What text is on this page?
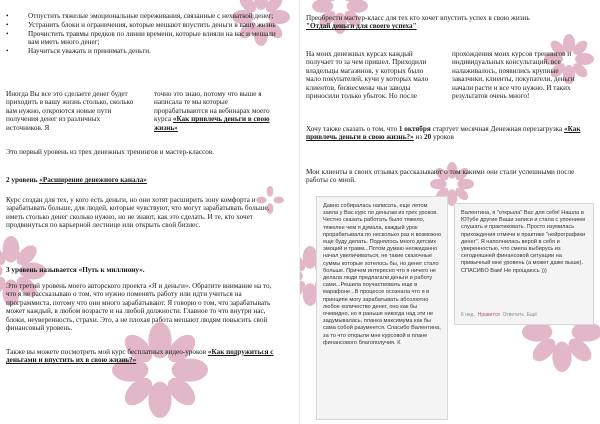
•	Отпустить тяжелые эмоциональные переживания, связанные с нехваткой денег;
•	Устранить блоки и ограничения, которые мешают впустить деньги в вашу жизнь
•	Прочистить травмы предков по линии времени, которые влияли на вас и мешали вам иметь много денег;
•	Научиться уважать и принимать деньги.
Иногда Вы все это сделаете денег будет приходить в вашу жизнь столько, сколько вам нужно, откроются новые пути получения денег из различных источников. Я
точно это знаю, потому что выше я написала те мы которые прорабатываются на вебинарах моего курса «Как привлечь деньги в свою жизнь»
Это первый уровень из трех денежных тренингов и мастер-классов.
2 уровень «Расширение денежного канала»
Курс создан для тех, у кого есть деньги, но они хотят расширить зону комфорта и зарабатывать больше, для людей, которые чувствуют, что могут зарабатывать больше, иметь столько денег сколько нужно, но не знают, как это сделать. И те, кто хочет продвинуться по карьерной лестнице или открыть свой бизнес.
3 уровень называется «Путь к миллиону».
Это третий уровень моего авторского проекта «Я и деньги». Обратите внимание на то, что я не рассказываю о том, что нужно поменять работу или идти учиться на программиста, потому что они много зарабатывают. Я говорю о том, что зарабатывать может каждый, в любом возрасте и на любой должности. Главное то что внутри нас, блоки, неуверенность, страхи. Это, а не плохая работа мешают людям повысить свой финансовый уровень.
Также вы можете посмотреть мой курс бесплатных видео-уроков «Как подружиться с деньгами и впустить их в свою жизнь?»
Преобрести мастер-класс для тех кто хочет впустить успех в свою жизнь
"Отдай деньги для своего успеха"
На моих денежных курсах каждый получает то за чем пришел. Приходили владельцы магазинов, у которых было мало покупателей, кучи у которых мало клиентов, бизнесмены чьи заводы приносили только убыток. Но после
прохождения моих курсов тренингов и индивидуальных консультаций, все налаживалось, появились крупные заказчики, клиенты, покупатели, деньги начали расти и все что нужно. И таких результатов очень много!
Хочу также сказать о том, что 1 октября стартует месячная Денежная перезагрузка «Как привлечь деньги в свою жизнь?» из 20 уроков
Мои клиенты в своих отзывах рассказывают о том какими они стали успешными после работы со мной.

Давно собиралась написать, еще летом заяла у Вас курс по деньгам из трех уроков. Честно сказать работать было тяжело, тяжелее чем я думала, каждый урок прорабатывала по несколько раз и возможно еще буду делать. Поднялось много детских эмоций и травм...Потом думаю неожиданно начал увеличиваться, не такие сказочные суммы которые хотелось бы, но денег стало больше. Причем интересно что я ничего не делала люди предлагали деньги и работу сами...Решила поучаствовать еще в марафоне...В процессе осознала что я в принципе могу зарабатывать абсолютно любое количество денег, оно как бы очевидно, но я раньше никогда над эти не задумывалась, планка максимума как бы сама собой разумеется. Спасибо Валентина, за то что открыли мне курсовой в плане финансового благополучия. К

Валентина, я "открыла" Вас для себя! Нашла в ЮТубе другие Ваши записи и стала с упоением слушать и практиковать. Просто изумилась прихождения отмечи в практике "нейрографики денег". Я наполнилась верой в себя и уверенностью, что смела выбирусь из сегодняшней финансовой ситуации на привычный мне уровень (а может даже выше). СПАСИБО Вам! Не прощаюсь )))

6 нед. Нравится Ответить Ещё
